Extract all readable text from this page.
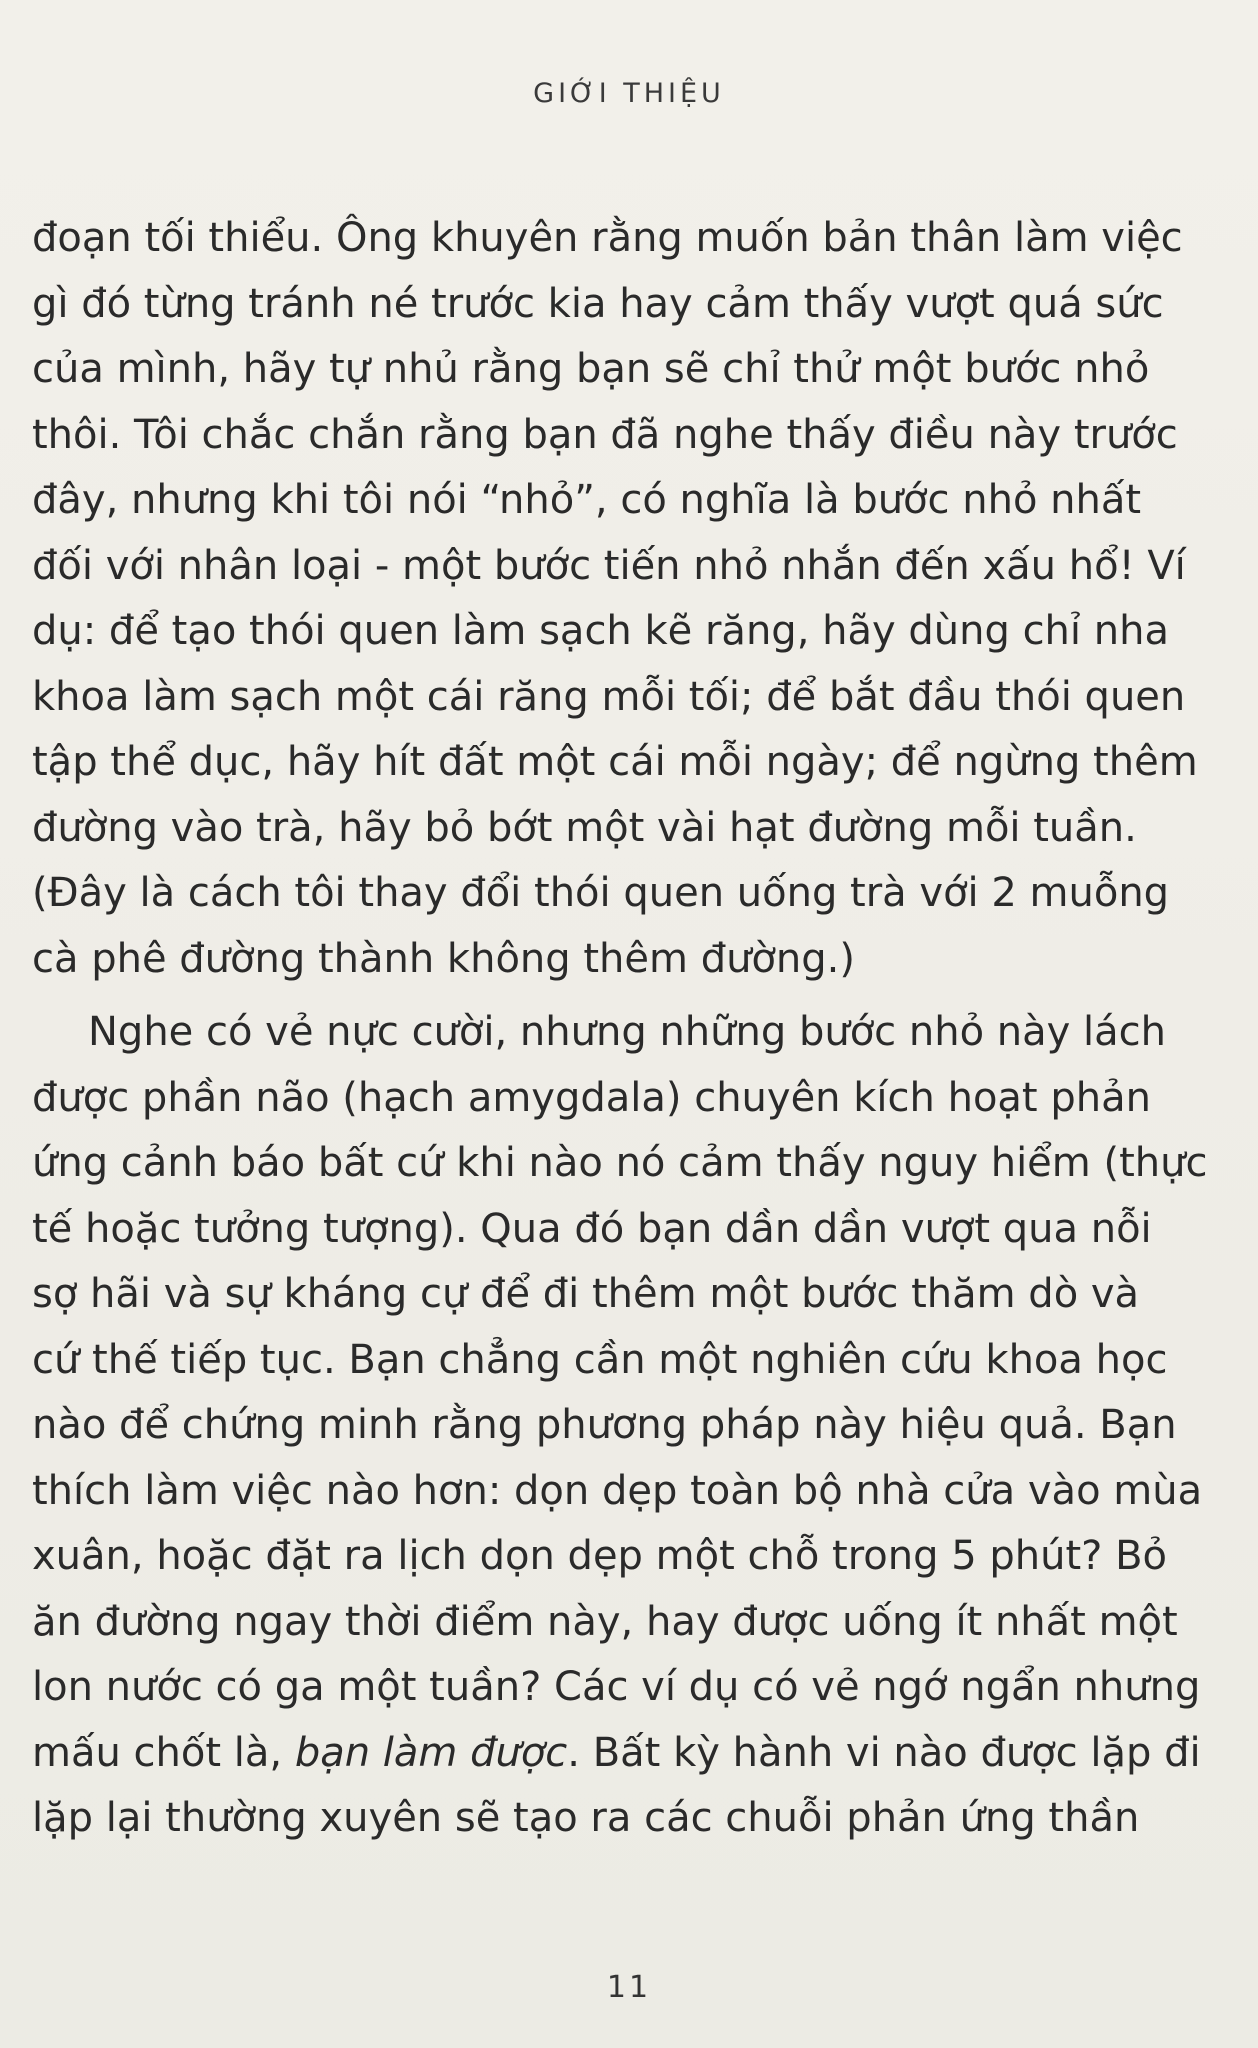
GIỚI THIỆU

đoạn tối thiểu. Ông khuyên rằng muốn bản thân làm việc
gì đó từng tránh né trước kia hay cảm thấy vượt quá sức
của mình, hãy tự nhủ rằng bạn sẽ chỉ thử một bước nhỏ
thôi. Tôi chắc chắn rằng bạn đã nghe thấy điều này trước
đây, nhưng khi tôi nói “nhỏ”, có nghĩa là bước nhỏ nhất
đối với nhân loại - một bước tiến nhỏ nhắn đến xấu hổ! Ví
dụ: để tạo thói quen làm sạch kẽ răng, hãy dùng chỉ nha
khoa làm sạch một cái răng mỗi tối; để bắt đầu thói quen
tập thể dục, hãy hít đất một cái mỗi ngày; để ngừng thêm
đường vào trà, hãy bỏ bớt một vài hạt đường mỗi tuần.
(Đây là cách tôi thay đổi thói quen uống trà với 2 muỗng
cà phê đường thành không thêm đường.)

Nghe có vẻ nực cười, nhưng những bước nhỏ này lách
được phần não (hạch amygdala) chuyên kích hoạt phản
ứng cảnh báo bất cứ khi nào nó cảm thấy nguy hiểm (thực
tế hoặc tưởng tượng). Qua đó bạn dần dần vượt qua nỗi
sợ hãi và sự kháng cự để đi thêm một bước thăm dò và
cứ thế tiếp tục. Bạn chẳng cần một nghiên cứu khoa học
nào để chứng minh rằng phương pháp này hiệu quả. Bạn
thích làm việc nào hơn: dọn dẹp toàn bộ nhà cửa vào mùa
xuân, hoặc đặt ra lịch dọn dẹp một chỗ trong 5 phút? Bỏ
ăn đường ngay thời điểm này, hay được uống ít nhất một
lon nước có ga một tuần? Các ví dụ có vẻ ngớ ngẩn nhưng
mấu chốt là, bạn làm được. Bất kỳ hành vi nào được lặp đi
lặp lại thường xuyên sẽ tạo ra các chuỗi phản ứng thần

11
